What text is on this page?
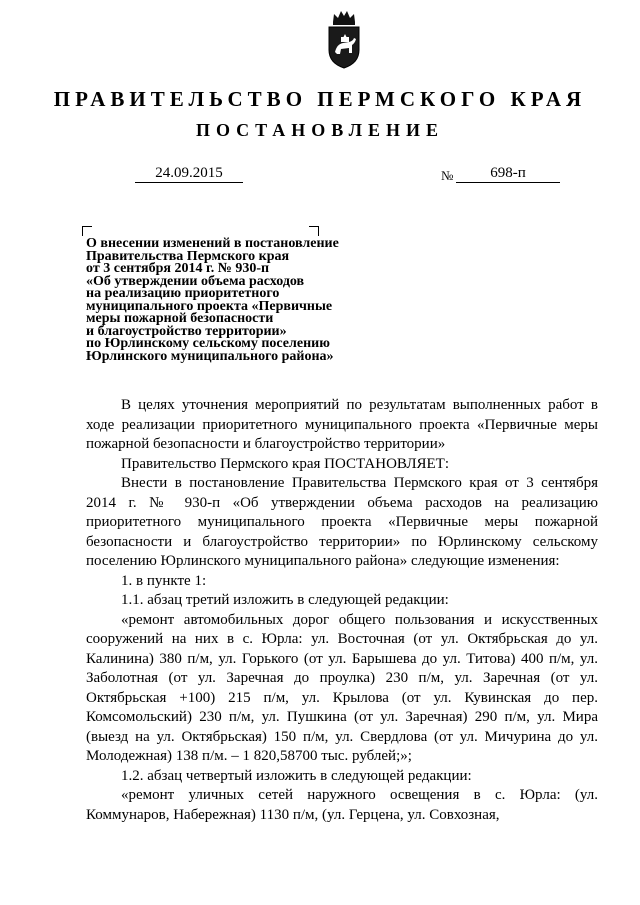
ПРАВИТЕЛЬСТВО ПЕРМСКОГО КРАЯ
ПОСТАНОВЛЕНИЕ
24.09.2015	№	698-п
О внесении изменений в постановление
Правительства Пермского края
от 3 сентября 2014 г. № 930-п
«Об утверждении объема расходов
на реализацию приоритетного
муниципального проекта «Первичные
меры пожарной безопасности
и благоустройство территории»
по Юрлинскому сельскому поселению
Юрлинского муниципального района»

В целях уточнения мероприятий по результатам выполненных работ в ходе реализации приоритетного муниципального проекта «Первичные меры пожарной безопасности и благоустройство территории»

Правительство Пермского края ПОСТАНОВЛЯЕТ:

Внести в постановление Правительства Пермского края от 3 сентября 2014 г. № 930-п «Об утверждении объема расходов на реализацию приоритетного муниципального проекта «Первичные меры пожарной безопасности и благоустройство территории» по Юрлинскому сельскому поселению Юрлинского муниципального района» следующие изменения:

1. в пункте 1:

1.1. абзац третий изложить в следующей редакции:

«ремонт автомобильных дорог общего пользования и искусственных сооружений на них в с. Юрла: ул. Восточная (от ул. Октябрьская до ул. Калинина) 380 п/м, ул. Горького (от ул. Барышева до ул. Титова) 400 п/м, ул. Заболотная (от ул. Заречная до проулка) 230 п/м, ул. Заречная (от ул. Октябрьская +100) 215 п/м, ул. Крылова (от ул. Кувинская до пер. Комсомольский) 230 п/м, ул. Пушкина (от ул. Заречная) 290 п/м, ул. Мира (выезд на ул. Октябрьская) 150 п/м, ул. Свердлова (от ул. Мичурина до ул. Молодежная) 138 п/м. – 1 820,58700 тыс. рублей;»;

1.2. абзац четвертый изложить в следующей редакции:

«ремонт уличных сетей наружного освещения в с. Юрла: (ул. Коммунаров, Набережная) 1130 п/м, (ул. Герцена, ул. Совхозная,
